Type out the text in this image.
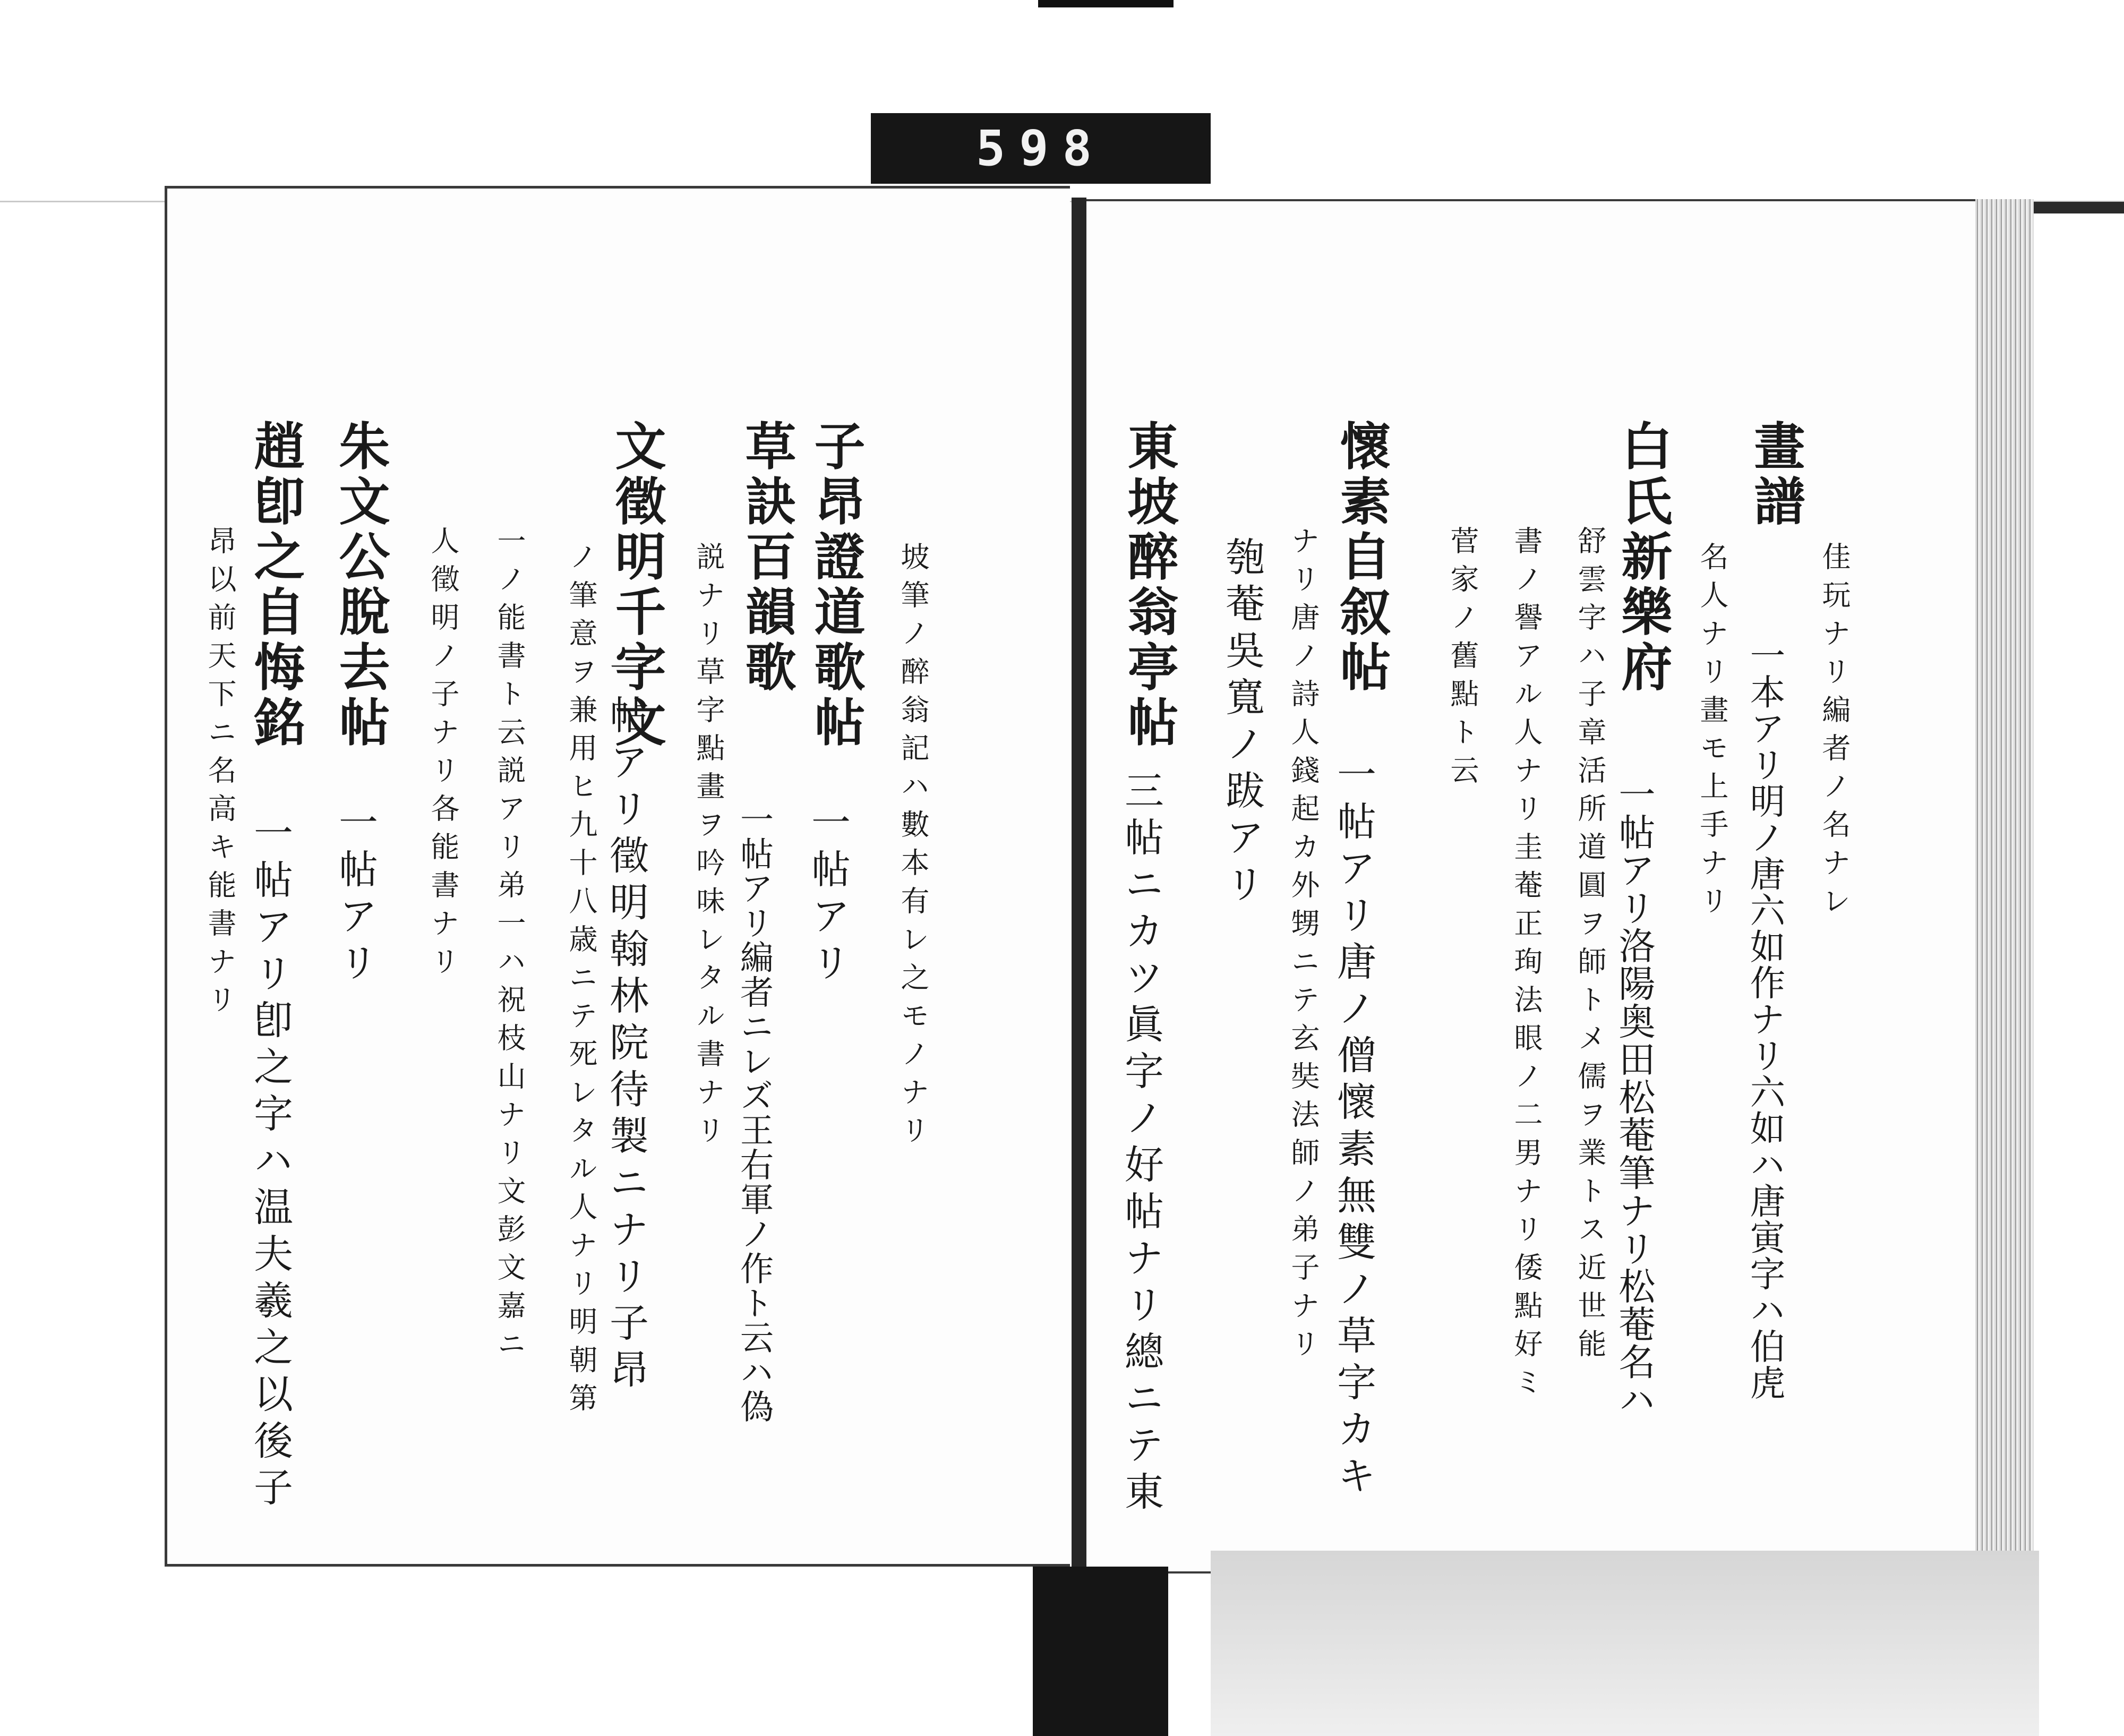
598
坡筆ノ醉翁記ハ數本有レ之モノナリ
子昂證道歌帖
一帖アリ
草訣百韻歌
一帖アリ編者ニレズ王右軍ノ作ト云ハ偽
説ナリ草字點畫ヲ吟味レタル書ナリ
文徵明千字文
一帖アリ徵明翰林院待製ニナリ子昂
ノ筆意ヲ兼用ヒ九十八歳ニテ死レタル人ナリ明朝第
一ノ能書ト云説アリ弟一ハ祝枝山ナリ文彭文嘉ニ
人徵明ノ子ナリ各能書ナリ
朱文公脫去帖
一帖アリ
趙卽之自悔銘
一帖アリ卽之字ハ温夫羲之以後子
昂以前天下ニ名高キ能書ナリ	佳玩ナリ編者ノ名ナレ
畫譜
一本アリ明ノ唐六如作ナリ六如ハ唐寅字ハ伯虎
名人ナリ畫モ上手ナリ
白氏新樂府
一帖アリ洛陽奥田松菴筆ナリ松菴名ハ
舒雲字ハ子章活所道圓ヲ師トメ儒ヲ業トス近世能
書ノ譽アル人ナリ圭菴正珣法眼ノ二男ナリ倭點好ミ
菅家ノ舊點ト云
懷素自叙帖
一帖アリ唐ノ僧懷素無雙ノ草字カキ
ナリ唐ノ詩人錢起カ外甥ニテ玄奘法師ノ弟子ナリ
匏菴吳寬ノ跋アリ
東坡醉翁亭帖
三帖ニカツ眞字ノ好帖ナリ總ニテ東
